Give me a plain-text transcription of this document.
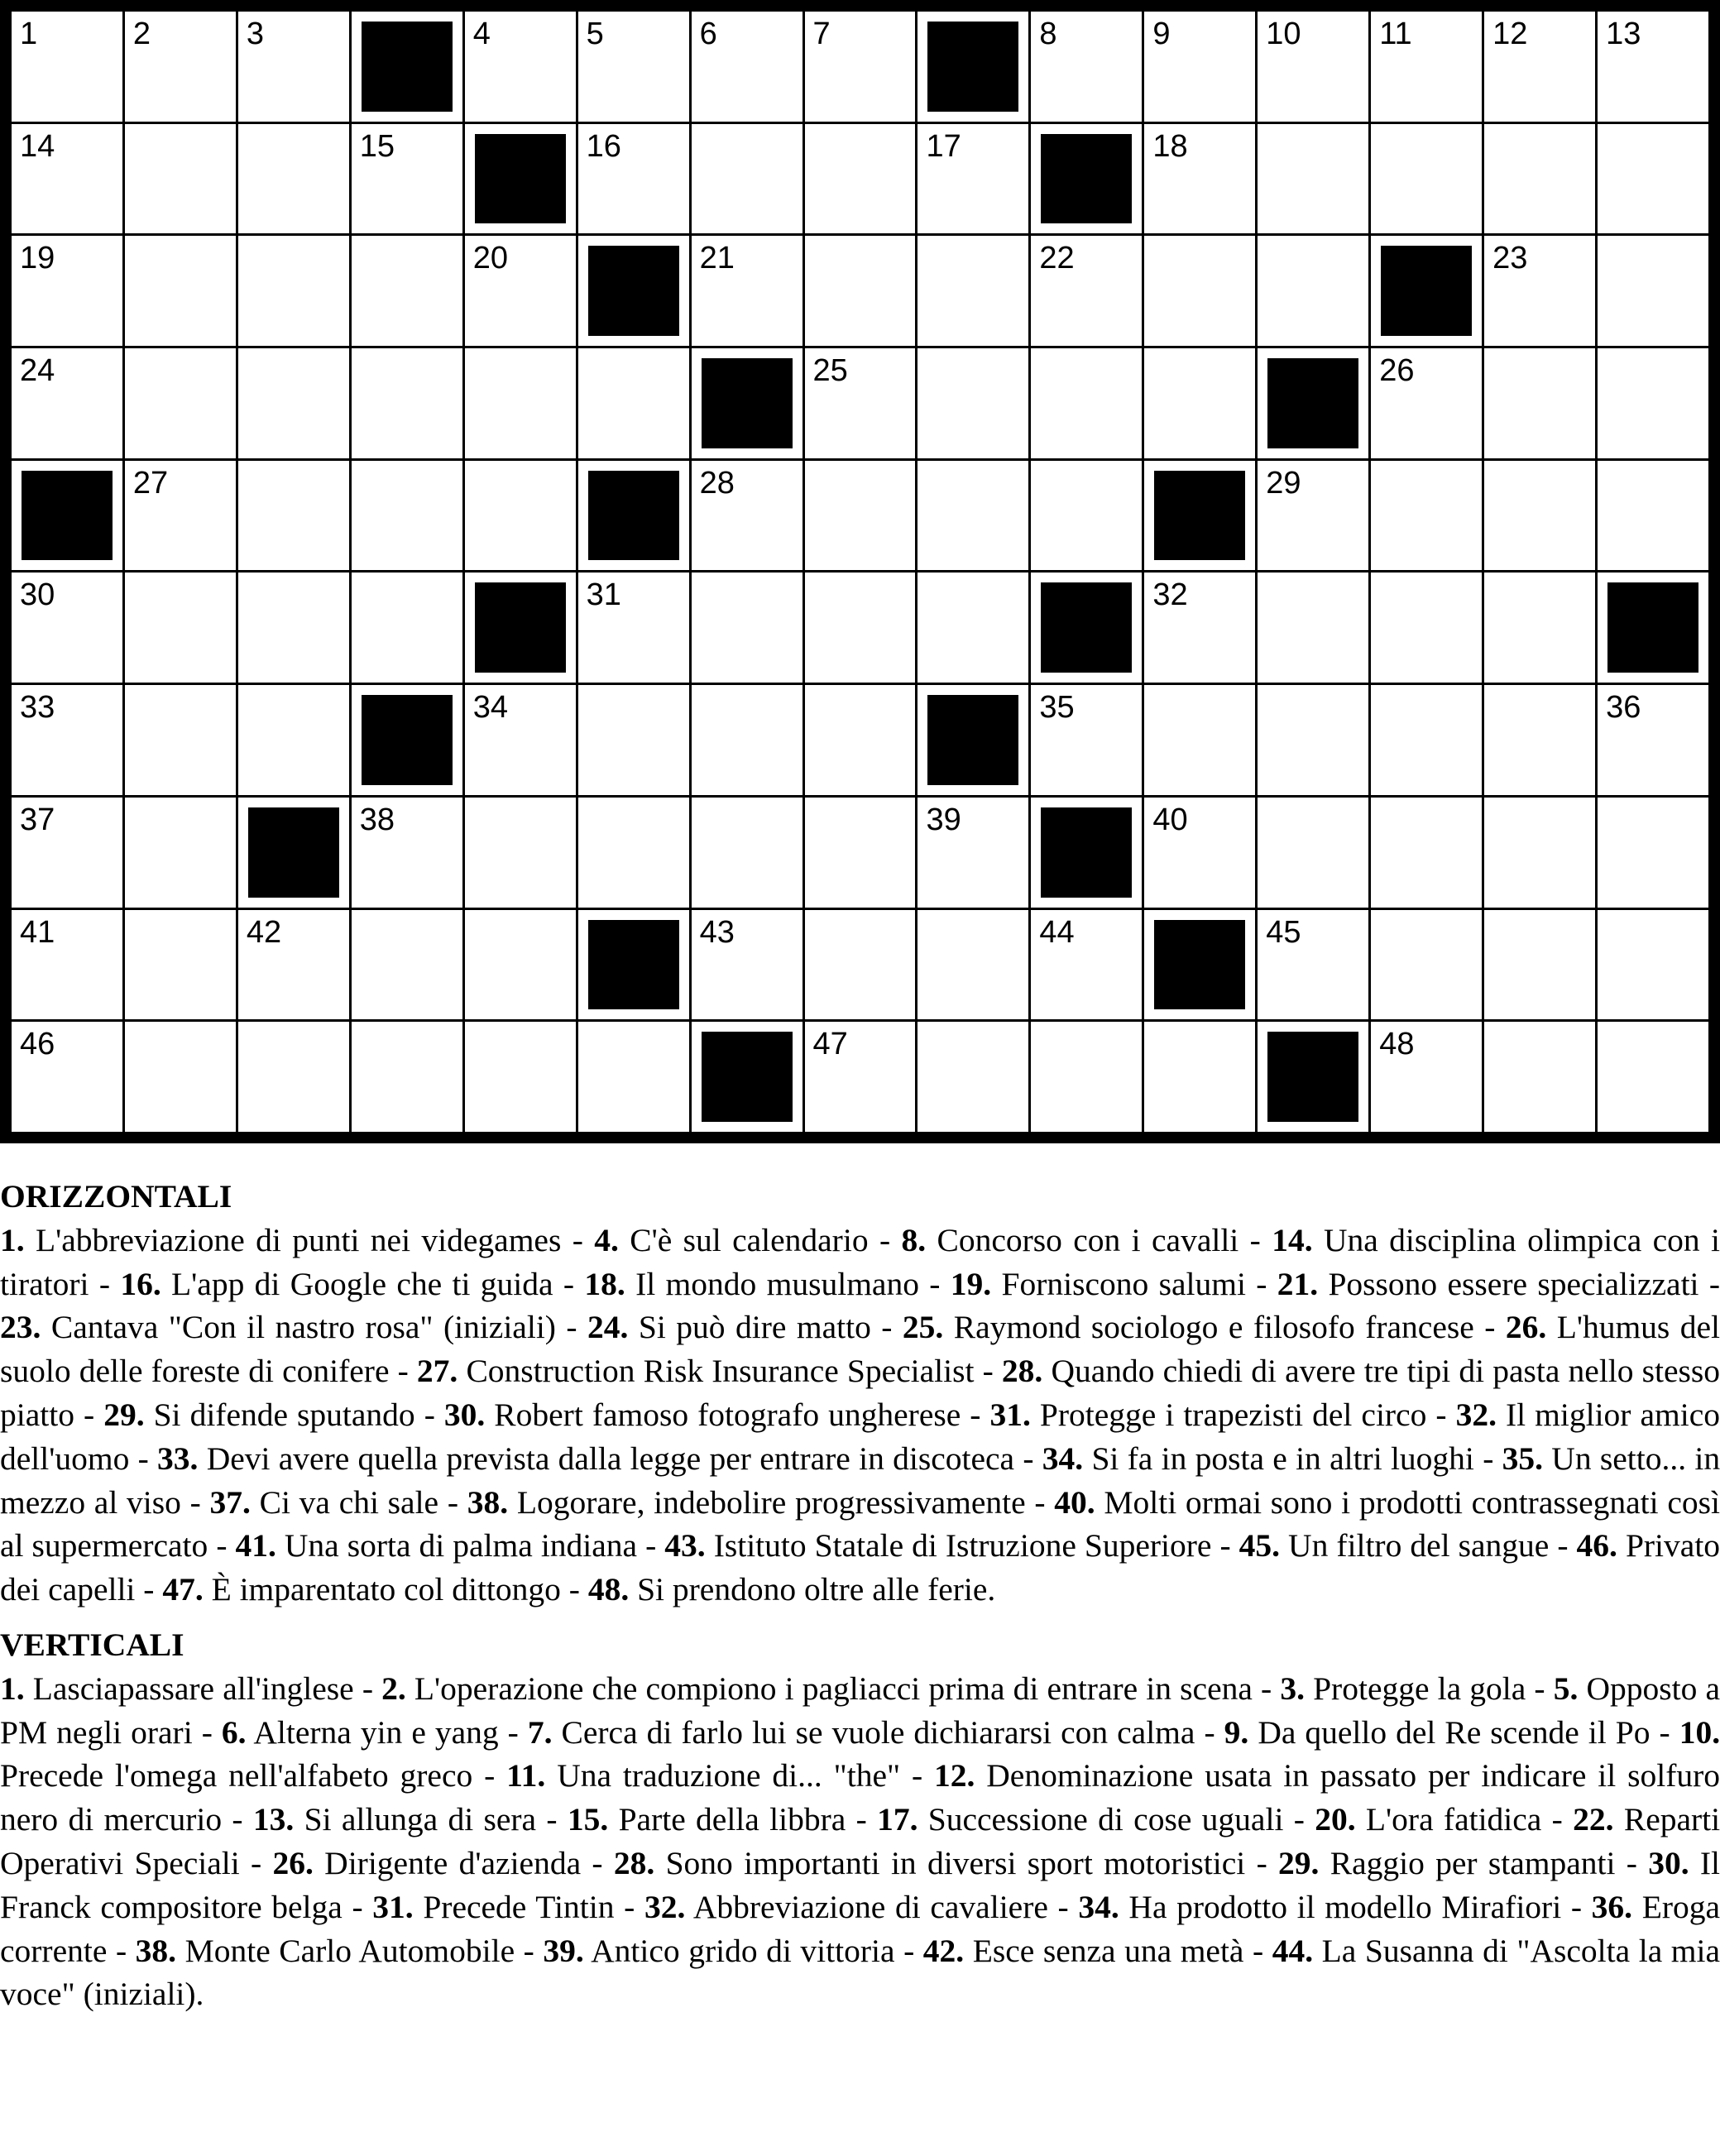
1	2	3	4	5	6	7	8	9	10 11	12 13
14	15	16	17	18
19	20	21	22	23
24	25	26
27	28	29
30	31	32
33	34	35	36
37	38	39	40
41	42	43	44	45
46	47	48
ORIZZONTALI
1. L'abbreviazione di punti nei videgames - 4. C'è sul calendario - 8. Concorso con i cavalli - 14. Una disciplina olimpica con i tiratori - 16. L'app di Google che ti guida - 18. Il mondo musulmano - 19. Forniscono salumi - 21. Possono essere specializzati - 23. Cantava "Con il nastro rosa" (iniziali) - 24. Si può dire matto - 25. Raymond sociologo e filosofo francese - 26. L'humus del suolo delle foreste di conifere - 27. Construction Risk Insurance Specialist - 28. Quando chiedi di avere tre tipi di pasta nello stesso piatto - 29. Si difende sputando - 30. Robert famoso fotografo ungherese - 31. Protegge i trapezisti del circo - 32. Il miglior amico dell'uomo - 33. Devi avere quella prevista dalla legge per entrare in discoteca - 34. Si fa in posta e in altri luoghi - 35. Un setto... in mezzo al viso - 37. Ci va chi sale - 38. Logorare, indebolire progressivamente - 40. Molti ormai sono i prodotti contrassegnati così al supermercato - 41. Una sorta di palma indiana - 43. Istituto Statale di Istruzione Superiore - 45. Un filtro del sangue - 46. Privato dei capelli - 47. È imparentato col dittongo - 48. Si prendono oltre alle ferie.
VERTICALI
1. Lasciapassare all'inglese - 2. L'operazione che compiono i pagliacci prima di entrare in scena - 3. Protegge la gola - 5. Opposto a PM negli orari - 6. Alterna yin e yang - 7. Cerca di farlo lui se vuole dichiararsi con calma - 9. Da quello del Re scende il Po - 10. Precede l'omega nell'alfabeto greco - 11. Una traduzione di... "the" - 12. Denominazione usata in passato per indicare il solfuro nero di mercurio - 13. Si allunga di sera - 15. Parte della libbra - 17. Successione di cose uguali - 20. L'ora fatidica - 22. Reparti Operativi Speciali - 26. Dirigente d'azienda - 28. Sono importanti in diversi sport motoristici - 29. Raggio per stampanti - 30. Il Franck compositore belga - 31. Precede Tintin - 32. Abbreviazione di cavaliere - 34. Ha prodotto il modello Mirafiori - 36. Eroga corrente - 38. Monte Carlo Automobile - 39. Antico grido di vittoria - 42. Esce senza una metà - 44. La Susanna di "Ascolta la mia voce" (iniziali).
